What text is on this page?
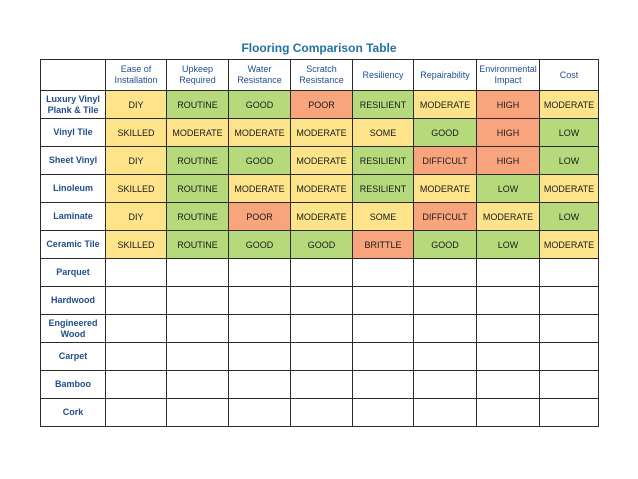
Flooring Comparison Table
	Ease of Installation	Upkeep Required	Water Resistance	Scratch Resistance	Resiliency	Repairability	Environmental Impact	Cost
Luxury Vinyl Plank & Tile	DIY	ROUTINE	GOOD	POOR	RESILIENT	MODERATE	HIGH	MODERATE
Vinyl Tile	SKILLED	MODERATE	MODERATE	MODERATE	SOME	GOOD	HIGH	LOW
Sheet Vinyl	DIY	ROUTINE	GOOD	MODERATE	RESILIENT	DIFFICULT	HIGH	LOW
Linoleum	SKILLED	ROUTINE	MODERATE	MODERATE	RESILIENT	MODERATE	LOW	MODERATE
Laminate	DIY	ROUTINE	POOR	MODERATE	SOME	DIFFICULT	MODERATE	LOW
Ceramic Tile	SKILLED	ROUTINE	GOOD	GOOD	BRITTLE	GOOD	LOW	MODERATE
Parquet								
Hardwood								
Engineered Wood								
Carpet								
Bamboo								
Cork								
